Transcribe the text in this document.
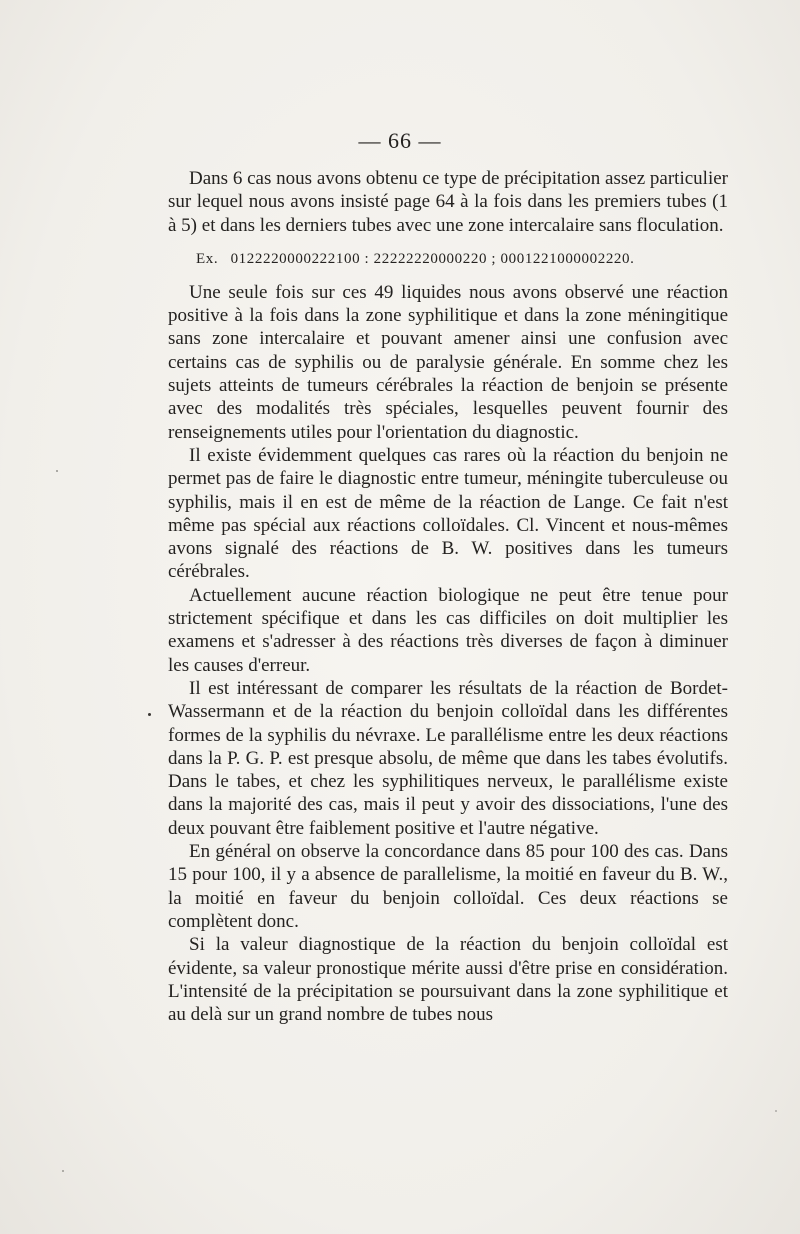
— 66 —

Dans 6 cas nous avons obtenu ce type de précipitation assez particulier sur lequel nous avons insisté page 64 à la fois dans les premiers tubes (1 à 5) et dans les derniers tubes avec une zone intercalaire sans floculation.

Ex. 0122220000222100 : 22222220000220 ; 0001221000002220.

Une seule fois sur ces 49 liquides nous avons observé une réaction positive à la fois dans la zone syphilitique et dans la zone méningitique sans zone intercalaire et pouvant amener ainsi une confusion avec certains cas de syphilis ou de paralysie générale. En somme chez les sujets atteints de tumeurs cérébrales la réaction de benjoin se présente avec des modalités très spéciales, lesquelles peuvent fournir des renseignements utiles pour l'orientation du diagnostic.

Il existe évidemment quelques cas rares où la réaction du benjoin ne permet pas de faire le diagnostic entre tumeur, méningite tuberculeuse ou syphilis, mais il en est de même de la réaction de Lange. Ce fait n'est même pas spécial aux réactions colloïdales. Cl. Vincent et nous-mêmes avons signalé des réactions de B. W. positives dans les tumeurs cérébrales.

Actuellement aucune réaction biologique ne peut être tenue pour strictement spécifique et dans les cas difficiles on doit multiplier les examens et s'adresser à des réactions très diverses de façon à diminuer les causes d'erreur.

Il est intéressant de comparer les résultats de la réaction de Bordet-Wassermann et de la réaction du benjoin colloïdal dans les différentes formes de la syphilis du névraxe. Le parallélisme entre les deux réactions dans la P. G. P. est presque absolu, de même que dans les tabes évolutifs. Dans le tabes, et chez les syphilitiques nerveux, le parallélisme existe dans la majorité des cas, mais il peut y avoir des dissociations, l'une des deux pouvant être faiblement positive et l'autre négative.

En général on observe la concordance dans 85 pour 100 des cas. Dans 15 pour 100, il y a absence de parallelisme, la moitié en faveur du B. W., la moitié en faveur du benjoin colloïdal. Ces deux réactions se complètent donc.

Si la valeur diagnostique de la réaction du benjoin colloïdal est évidente, sa valeur pronostique mérite aussi d'être prise en considération. L'intensité de la précipitation se poursuivant dans la zone syphilitique et au delà sur un grand nombre de tubes nous
